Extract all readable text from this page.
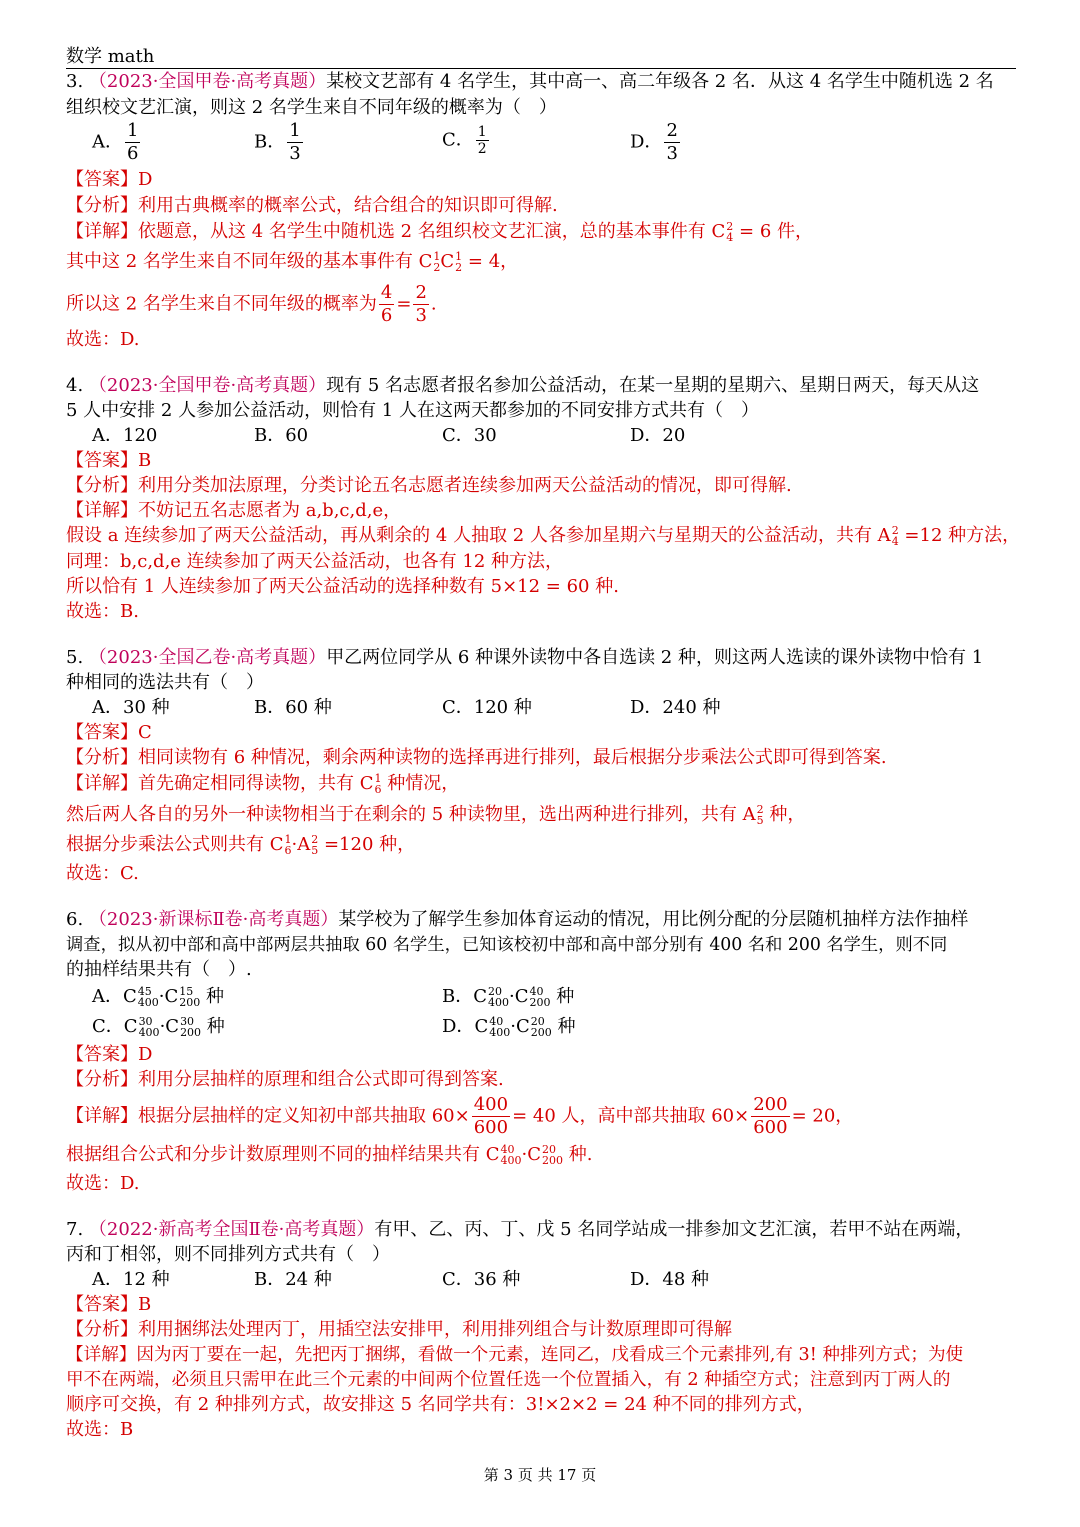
数学 math
3. （2023·全国甲卷·高考真题）某校文艺部有 4 名学生，其中高一、高二年级各 2 名．从这 4 名学生中随机选 2 名
组织校文艺汇演，则这 2 名学生来自不同年级的概率为（　）
A． $\frac{1}{6}$	B． $\frac{1}{3}$	C． $\frac{1}{2}$	D． $\frac{2}{3}$
【答案】D
【分析】利用古典概率的概率公式，结合组合的知识即可得解.
【详解】依题意，从这 4 名学生中随机选 2 名组织校文艺汇演，总的基本事件有 C 2
4 = 6 件，
其中这 2 名学生来自不同年级的基本事件有 C 1
2 C 1
2 = 4，
所以这 2 名学生来自不同年级的概率为 $\frac{4}{6} = \frac{2}{3}$ .
故选：D.
4. （2023·全国甲卷·高考真题）现有 5 名志愿者报名参加公益活动，在某一星期的星期六、星期日两天，每天从这
5 人中安排 2 人参加公益活动，则恰有 1 人在这两天都参加的不同安排方式共有（　）
A．120	B．60	C．30	D．20
【答案】B
【分析】利用分类加法原理，分类讨论五名志愿者连续参加两天公益活动的情况，即可得解.
【详解】不妨记五名志愿者为 a,b,c,d,e，
假设 a 连续参加了两天公益活动，再从剩余的 4 人抽取 2 人各参加星期六与星期天的公益活动，共有 A 2
4 =12 种方法，
同理：b,c,d,e 连续参加了两天公益活动，也各有 12 种方法，
所以恰有 1 人连续参加了两天公益活动的选择种数有 5×12 = 60 种.
故选：B.
5. （2023·全国乙卷·高考真题）甲乙两位同学从 6 种课外读物中各自选读 2 种，则这两人选读的课外读物中恰有 1
种相同的选法共有（　）
A．30 种	B．60 种	C．120 种	D．240 种
【答案】C
【分析】相同读物有 6 种情况，剩余两种读物的选择再进行排列，最后根据分步乘法公式即可得到答案.
【详解】首先确定相同得读物，共有 C 1
6 种情况，
然后两人各自的另外一种读物相当于在剩余的 5 种读物里，选出两种进行排列，共有 A 2
5 种，
根据分步乘法公式则共有 C 1
6 ·A 2
5 =120 种，
故选：C.
6. （2023·新课标Ⅱ卷·高考真题）某学校为了解学生参加体育运动的情况，用比例分配的分层随机抽样方法作抽样
调查，拟从初中部和高中部两层共抽取 60 名学生，已知该校初中部和高中部分别有 400 名和 200 名学生，则不同
的抽样结果共有（　）.
A．C 45
400 ·C 15
200 种	B．C 20
400 ·C 40
200 种
C．C 30
400 ·C 30
200 种	D．C 40
400 ·C 20
200 种
【答案】D
【分析】利用分层抽样的原理和组合公式即可得到答案.
【详解】根据分层抽样的定义知初中部共抽取 $60\times \frac{400}{600} = 40$ 人，高中部共抽取 $60\times \frac{200}{600} = 20$，
根据组合公式和分步计数原理则不同的抽样结果共有 C 40
400 ·C 20
200 种.
故选：D.
7. （2022·新高考全国Ⅱ卷·高考真题）有甲、乙、丙、丁、戊 5 名同学站成一排参加文艺汇演，若甲不站在两端，
丙和丁相邻，则不同排列方式共有（　）
A．12 种	B．24 种	C．36 种	D．48 种
【答案】B
【分析】利用捆绑法处理丙丁，用插空法安排甲，利用排列组合与计数原理即可得解
【详解】因为丙丁要在一起，先把丙丁捆绑，看做一个元素，连同乙，戊看成三个元素排列,有 3! 种排列方式；为使
甲不在两端，必须且只需甲在此三个元素的中间两个位置任选一个位置插入，有 2 种插空方式；注意到丙丁两人的
顺序可交换，有 2 种排列方式，故安排这 5 名同学共有：3!×2×2 = 24 种不同的排列方式，
故选：B
第 3 页 共 17 页
